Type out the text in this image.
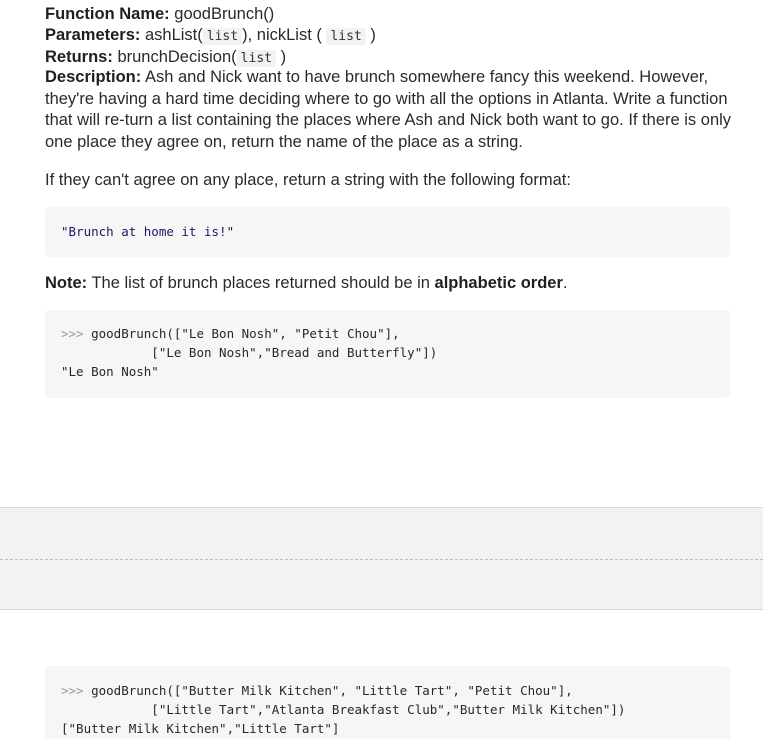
Function Name: goodBrunch()
Parameters: ashList( list ), nickList ( list )
Returns: brunchDecision( list )
Description: Ash and Nick want to have brunch somewhere fancy this weekend. However, they're having a hard time deciding where to go with all the options in Atlanta. Write a function that will re-turn a list containing the places where Ash and Nick both want to go. If there is only one place they agree on, return the name of the place as a string.
If they can't agree on any place, return a string with the following format:
"Brunch at home it is!"
Note: The list of brunch places returned should be in alphabetic order.
>>> goodBrunch(["Le Bon Nosh", "Petit Chou"],
["Le Bon Nosh","Bread and Butterfly"])
"Le Bon Nosh"
>>> goodBrunch(["Butter Milk Kitchen", "Little Tart", "Petit Chou"],
["Little Tart","Atlanta Breakfast Club","Butter Milk Kitchen"])
["Butter Milk Kitchen","Little Tart"]
